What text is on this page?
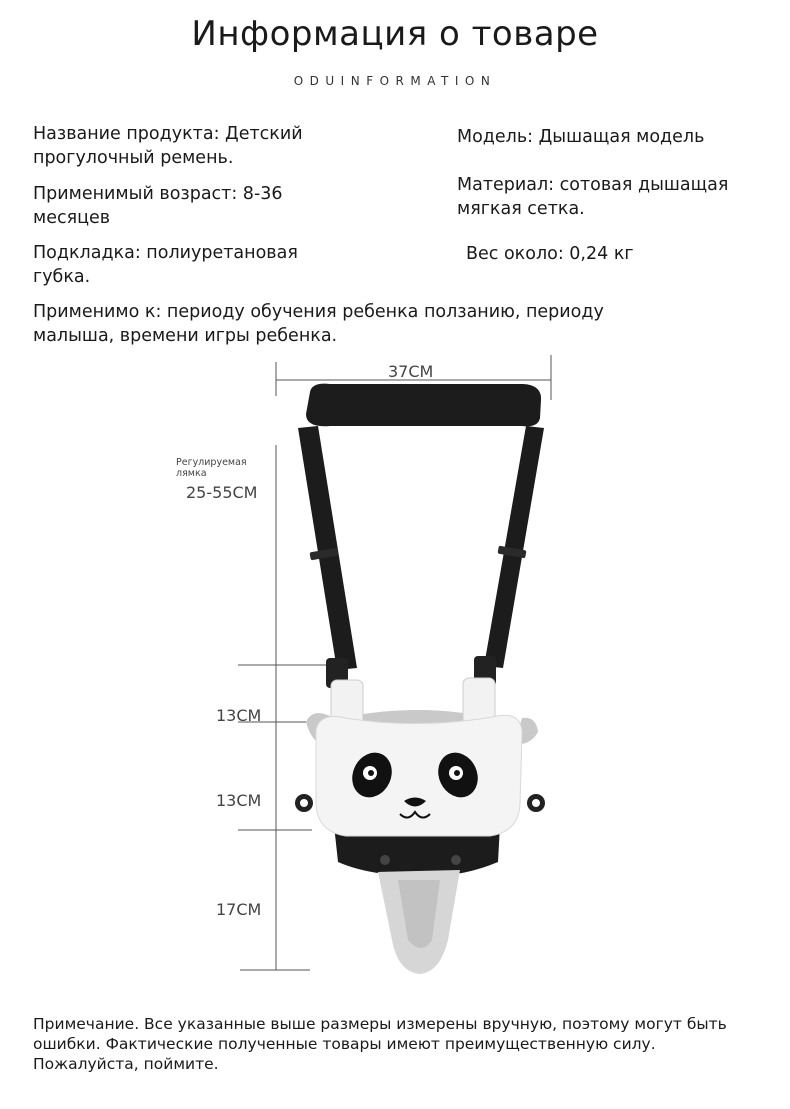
Информация о товаре
ODUINFORMATION
Название продукта: Детский прогулочный ремень.
Модель: Дышащая модель
Применимый возраст: 8-36 месяцев
Материал: сотовая дышащая мягкая сетка.
Подкладка: полиуретановая губка.
Вес около: 0,24 кг
Применимо к: периоду обучения ребенка ползанию, периоду малыша, времени игры ребенка.
37CM
Регулируемая лямка
25-55CM
13CM
13CM
17CM
Примечание. Все указанные выше размеры измерены вручную, поэтому могут быть ошибки. Фактические полученные товары имеют преимущественную силу. Пожалуйста, поймите.
